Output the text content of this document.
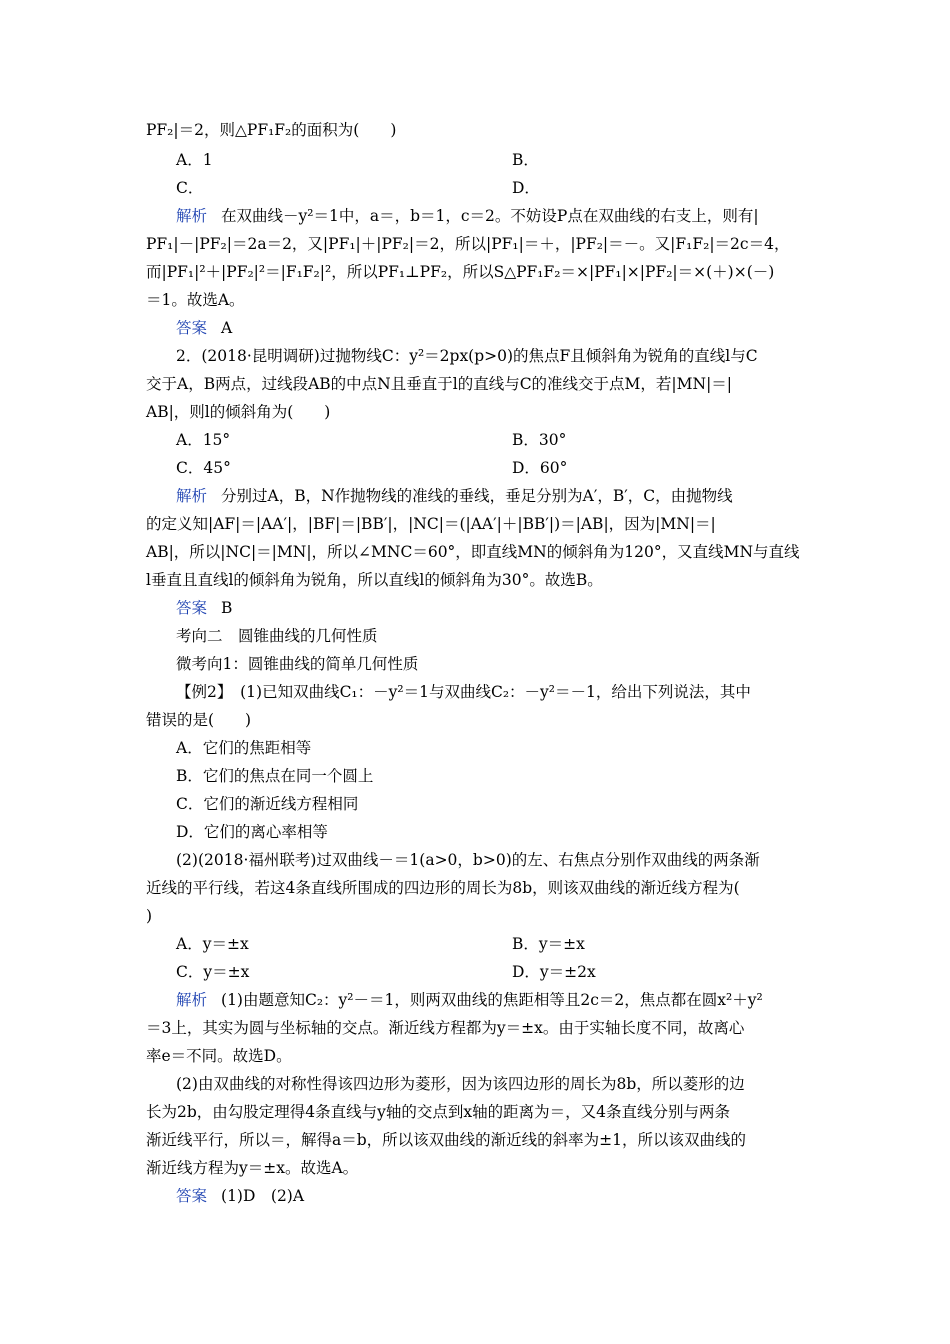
PF₂|＝2，则△PF₁F₂的面积为(　　)
A．1	B．
C．	D．
解析 在双曲线－y²＝1中，a＝，b＝1，c＝2。不妨设P点在双曲线的右支上，则有|
PF₁|－|PF₂|＝2a＝2，又|PF₁|＋|PF₂|＝2，所以|PF₁|＝＋，|PF₂|＝－。又|F₁F₂|＝2c＝4，
而|PF₁|²＋|PF₂|²＝|F₁F₂|²，所以PF₁⊥PF₂，所以S△PF₁F₂＝×|PF₁|×|PF₂|＝×(＋)×(－)
＝1。故选A。
答案 A
2．(2018·昆明调研)过抛物线C：y²＝2px(p>0)的焦点F且倾斜角为锐角的直线l与C
交于A，B两点，过线段AB的中点N且垂直于l的直线与C的准线交于点M，若|MN|＝|
AB|，则l的倾斜角为(　　)
A．15°	B．30°
C．45°	D．60°
解析 分别过A，B，N作抛物线的准线的垂线，垂足分别为A′，B′，C，由抛物线
的定义知|AF|＝|AA′|，|BF|＝|BB′|，|NC|＝(|AA′|＋|BB′|)＝|AB|，因为|MN|＝|
AB|，所以|NC|＝|MN|，所以∠MNC＝60°，即直线MN的倾斜角为120°，又直线MN与直线
l垂直且直线l的倾斜角为锐角，所以直线l的倾斜角为30°。故选B。
答案 B
考向二　圆锥曲线的几何性质
微考向1：圆锥曲线的简单几何性质
【例2】　(1)已知双曲线C₁：－y²＝1与双曲线C₂：－y²＝－1，给出下列说法，其中
错误的是(　　)
A．它们的焦距相等
B．它们的焦点在同一个圆上
C．它们的渐近线方程相同
D．它们的离心率相等
(2)(2018·福州联考)过双曲线－＝1(a>0，b>0)的左、右焦点分别作双曲线的两条渐
近线的平行线，若这4条直线所围成的四边形的周长为8b，则该双曲线的渐近线方程为(
)
A．y＝±x	B．y＝±x
C．y＝±x	D．y＝±2x
解析 (1)由题意知C₂：y²－＝1，则两双曲线的焦距相等且2c＝2，焦点都在圆x²＋y²
＝3上，其实为圆与坐标轴的交点。渐近线方程都为y＝±x。由于实轴长度不同，故离心
率e＝不同。故选D。
(2)由双曲线的对称性得该四边形为菱形，因为该四边形的周长为8b，所以菱形的边
长为2b，由勾股定理得4条直线与y轴的交点到x轴的距离为＝，又4条直线分别与两条
渐近线平行，所以＝，解得a＝b，所以该双曲线的渐近线的斜率为±1，所以该双曲线的
渐近线方程为y＝±x。故选A。
答案 (1)D　(2)A
